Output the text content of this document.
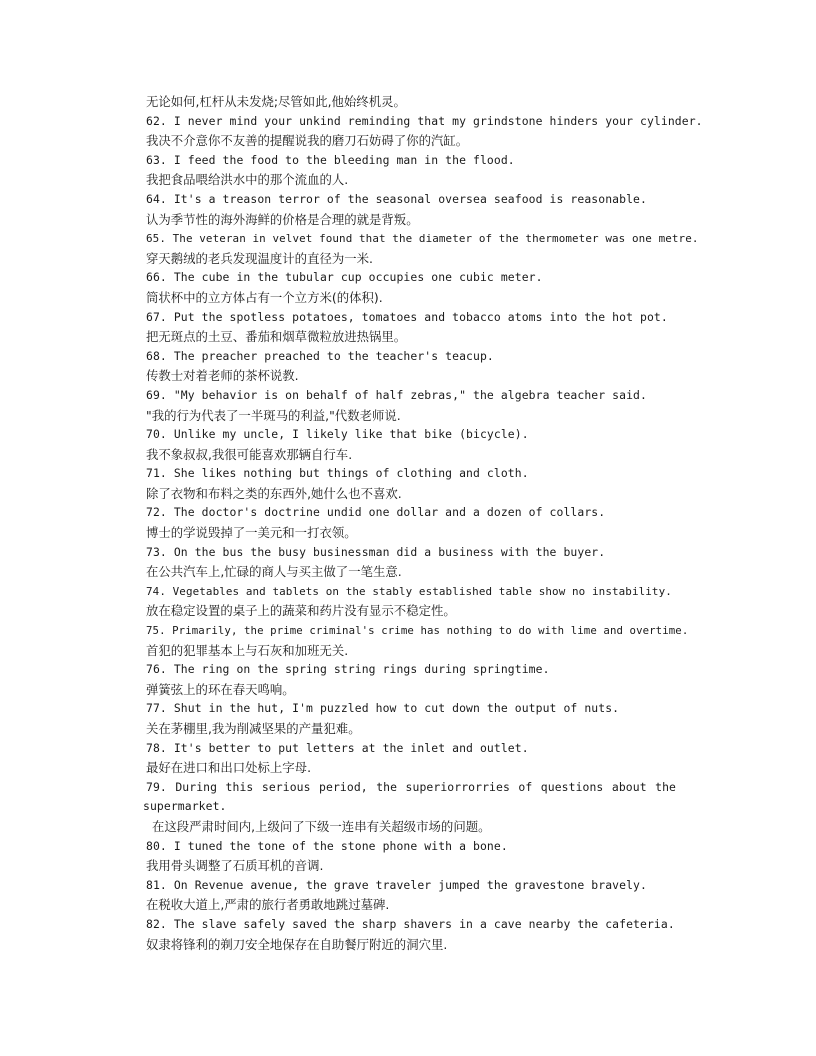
无论如何,杠杆从未发烧;尽管如此,他始终机灵。
62. I never mind your unkind reminding that my grindstone hinders your cylinder.
我决不介意你不友善的提醒说我的磨刀石妨碍了你的汽缸。
63. I feed the food to the bleeding man in the flood.
我把食品喂给洪水中的那个流血的人.
64. It's a treason terror of the seasonal oversea seafood is reasonable.
认为季节性的海外海鲜的价格是合理的就是背叛。
65. The veteran in velvet found that the diameter of the thermometer was one metre.
穿天鹅绒的老兵发现温度计的直径为一米.
66. The cube in the tubular cup occupies one cubic meter.
筒状杯中的立方体占有一个立方米(的体积).
67. Put the spotless potatoes, tomatoes and tobacco atoms into the hot pot.
把无斑点的土豆、番茄和烟草微粒放进热锅里。
68. The preacher preached to the teacher's teacup.
传教士对着老师的茶杯说教.
69. "My behavior is on behalf of half zebras," the algebra teacher said.
"我的行为代表了一半斑马的利益,"代数老师说.
70. Unlike my uncle, I likely like that bike (bicycle).
我不象叔叔,我很可能喜欢那辆自行车.
71. She likes nothing but things of clothing and cloth.
除了衣物和布料之类的东西外,她什么也不喜欢.
72. The doctor's doctrine undid one dollar and a dozen of collars.
博士的学说毁掉了一美元和一打衣领。
73. On the bus the busy businessman did a business with the buyer.
在公共汽车上,忙碌的商人与买主做了一笔生意.
74. Vegetables and tablets on the stably established table show no instability.
放在稳定设置的桌子上的蔬菜和药片没有显示不稳定性。
75. Primarily, the prime criminal's crime has nothing to do with lime and overtime.
首犯的犯罪基本上与石灰和加班无关.
76. The ring on the spring string rings during springtime.
弹簧弦上的环在春天鸣响。
77. Shut in the hut, I'm puzzled how to cut down the output of nuts.
关在茅棚里,我为削减坚果的产量犯难。
78. It's better to put letters at the inlet and outlet.
最好在进口和出口处标上字母.
79. During this serious period, the superiorrorries of questions about the
supermarket.
在这段严肃时间内,上级问了下级一连串有关超级市场的问题。
80. I tuned the tone of the stone phone with a bone.
我用骨头调整了石质耳机的音调.
81. On Revenue avenue, the grave traveler jumped the gravestone bravely.
在税收大道上,严肃的旅行者勇敢地跳过墓碑.
82. The slave safely saved the sharp shavers in a cave nearby the cafeteria.
奴隶将锋利的剃刀安全地保存在自助餐厅附近的洞穴里.
